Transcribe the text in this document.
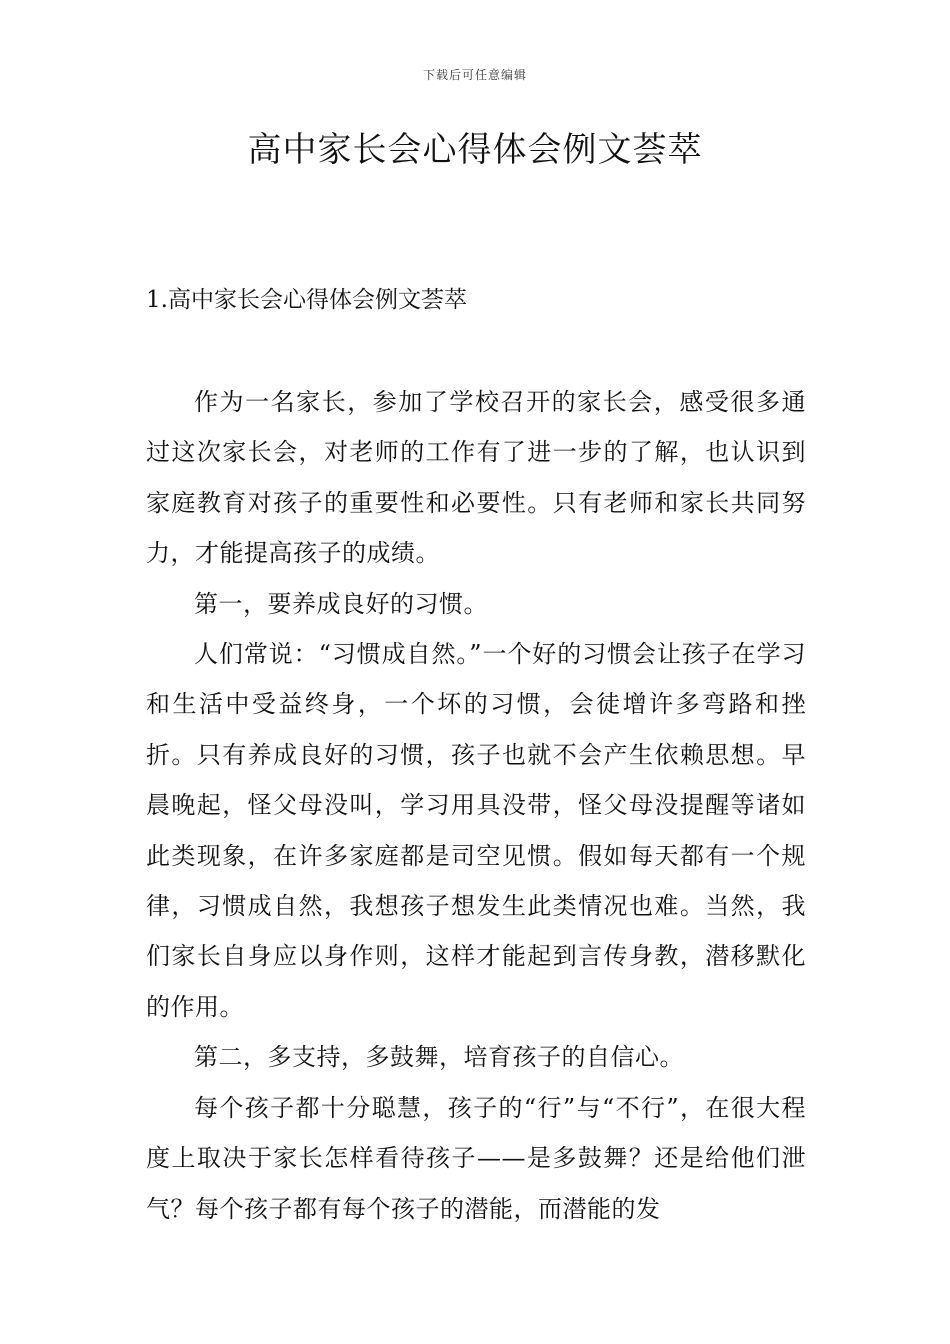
下载后可任意编辑
高中家长会心得体会例文荟萃
1.高中家长会心得体会例文荟萃

作为一名家长，参加了学校召开的家长会，感受很多通过这次家长会，对老师的工作有了进一步的了解，也认识到家庭教育对孩子的重要性和必要性。只有老师和家长共同努力，才能提高孩子的成绩。

第一，要养成良好的习惯。

人们常说：“习惯成自然。”一个好的习惯会让孩子在学习和生活中受益终身，一个坏的习惯，会徒增许多弯路和挫折。只有养成良好的习惯，孩子也就不会产生依赖思想。早晨晚起，怪父母没叫，学习用具没带，怪父母没提醒等诸如此类现象，在许多家庭都是司空见惯。假如每天都有一个规律，习惯成自然，我想孩子想发生此类情况也难。当然，我们家长自身应以身作则，这样才能起到言传身教，潜移默化的作用。

第二，多支持，多鼓舞，培育孩子的自信心。

每个孩子都十分聪慧，孩子的“行”与“不行”，在很大程度上取决于家长怎样看待孩子——是多鼓舞？还是给他们泄气？每个孩子都有每个孩子的潜能，而潜能的发
